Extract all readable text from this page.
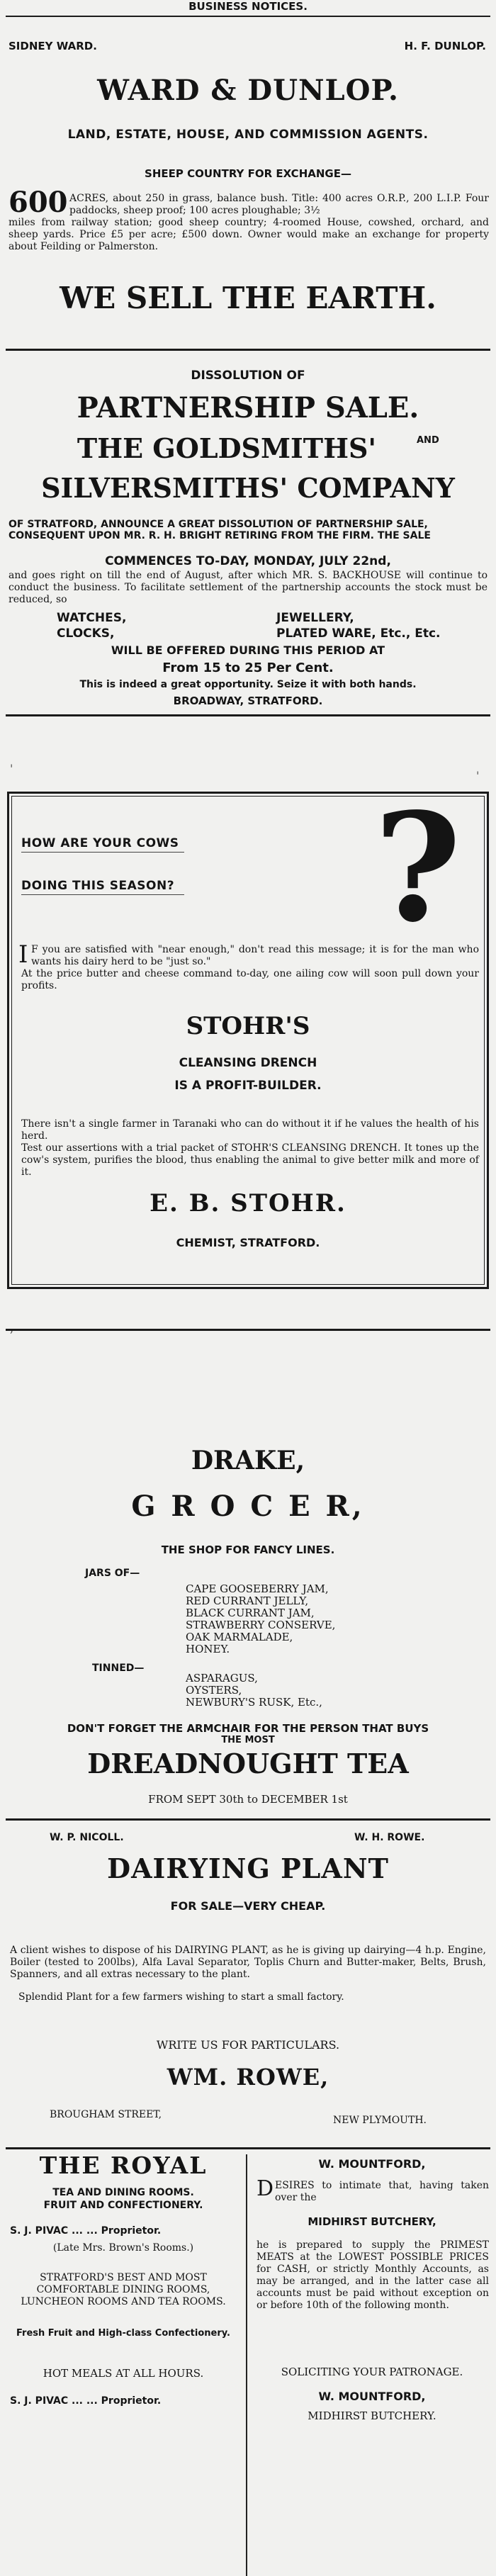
BUSINESS NOTICES.
SIDNEY WARD.	H. F. DUNLOP.
WARD & DUNLOP.
LAND, ESTATE, HOUSE, AND COMMISSION AGENTS.
SHEEP COUNTRY FOR EXCHANGE—
600 ACRES, about 250 in grass, balance bush. Title: 400 acres O.R.P., 200 L.I.P. Four paddocks, sheep proof; 100 acres ploughable; 3½
miles from railway station; good sheep country; 4-roomed House, cowshed, orchard, and sheep yards. Price £5 per acre; £500 down. Owner would make an exchange for property about Feilding or Palmerston.
WE SELL THE EARTH.
DISSOLUTION OF
PARTNERSHIP SALE.
THE GOLDSMITHS'	AND
SILVERSMITHS' COMPANY
OF STRATFORD, ANNOUNCE A GREAT DISSOLUTION OF PARTNERSHIP SALE, CONSEQUENT UPON MR. R. H. BRIGHT RETIRING FROM THE FIRM. THE SALE
COMMENCES TO-DAY, MONDAY, JULY 22nd,
and goes right on till the end of August, after which MR. S. BACKHOUSE will continue to conduct the business. To facilitate settlement of the partnership accounts the stock must be reduced, so
WATCHES,	JEWELLERY,
CLOCKS,	PLATED WARE, Etc., Etc.
WILL BE OFFERED DURING THIS PERIOD AT
From 15 to 25 Per Cent.
This is indeed a great opportunity. Seize it with both hands.
BROADWAY, STRATFORD.
'
'
HOW ARE YOUR COWS
DOING THIS SEASON? ?
I F you are satisfied with "near enough," don't read this message; it is for the man who wants his dairy herd to be "just so."
At the price butter and cheese command to-day, one ailing cow will soon pull down your profits.
STOHR'S
CLEANSING DRENCH
IS A PROFIT-BUILDER.
There isn't a single farmer in Taranaki who can do without it if he values the health of his herd.
Test our assertions with a trial packet of STOHR'S CLEANSING DRENCH. It tones up the cow's system, purifies the blood, thus enabling the animal to give better milk and more of it.
E. B. STOHR.
CHEMIST, STRATFORD.
DRAKE,
G R O C E R,
THE SHOP FOR FANCY LINES.
JARS OF—
CAPE GOOSEBERRY JAM,
RED CURRANT JELLY,
BLACK CURRANT JAM,
STRAWBERRY CONSERVE,
OAK MARMALADE,
HONEY.
TINNED—
ASPARAGUS,
OYSTERS,
NEWBURY'S RUSK, Etc.,
DON'T FORGET THE ARMCHAIR FOR THE PERSON THAT BUYS
THE MOST
DREADNOUGHT TEA
FROM SEPT 30th to DECEMBER 1st
W. P. NICOLL.	W. H. ROWE.
DAIRYING PLANT
FOR SALE—VERY CHEAP.
A client wishes to dispose of his DAIRYING PLANT, as he is giving up dairying—4 h.p. Engine, Boiler (tested to 200lbs), Alfa Laval Separator, Toplis Churn and Butter-maker, Belts, Brush, Spanners, and all extras necessary to the plant.
Splendid Plant for a few farmers wishing to start a small factory.
WRITE US FOR PARTICULARS.
WM. ROWE,
BROUGHAM STREET,	NEW PLYMOUTH.
THE ROYAL
TEA AND DINING ROOMS.
FRUIT AND CONFECTIONERY.
S. J. PIVAC ... ... Proprietor.
(Late Mrs. Brown's Rooms.)
STRATFORD'S BEST AND MOST COMFORTABLE DINING ROOMS, LUNCHEON ROOMS AND TEA ROOMS.
Fresh Fruit and High-class Confectionery.
HOT MEALS AT ALL HOURS.
S. J. PIVAC ... ... Proprietor.
W. MOUNTFORD,
D ESIRES to intimate that, having taken over the
MIDHIRST BUTCHERY,
he is prepared to supply the PRIMEST MEATS at the LOWEST POSSIBLE PRICES for CASH, or strictly Monthly Accounts, as may be arranged, and in the latter case all accounts must be paid without exception on or before 10th of the following month.
SOLICITING YOUR PATRONAGE.
W. MOUNTFORD,
MIDHIRST BUTCHERY.
